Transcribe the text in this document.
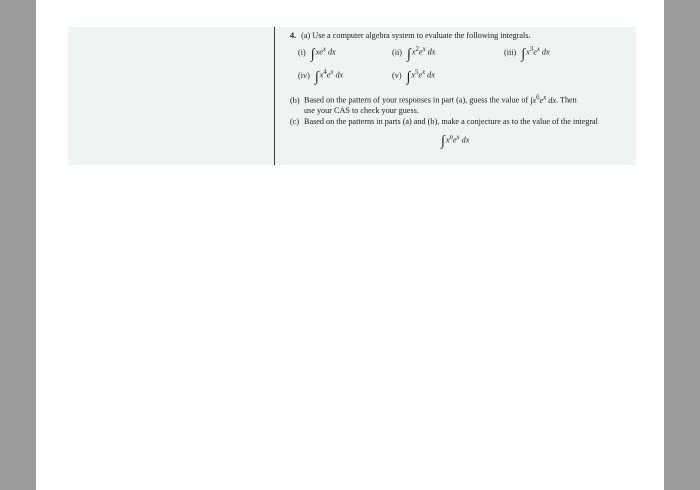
4. (a) Use a computer algebra system to evaluate the following integrals.
(i) $\int xe^x$ dx	(ii) $\int x^2e^x$ dx	(iii) $\int x^3e^x$ dx
(iv) $\int x^4e^x$ dx	(v) $\int x^5e^x$ dx

(b) Based on the pattern of your responses in part (a), guess the value of $\int x^6e^x$ dx. Then
use your CAS to check your guess.

(c) Based on the patterns in parts (a) and (b), make a conjecture as to the value of the integral

$\int x^ne^x$ dx
